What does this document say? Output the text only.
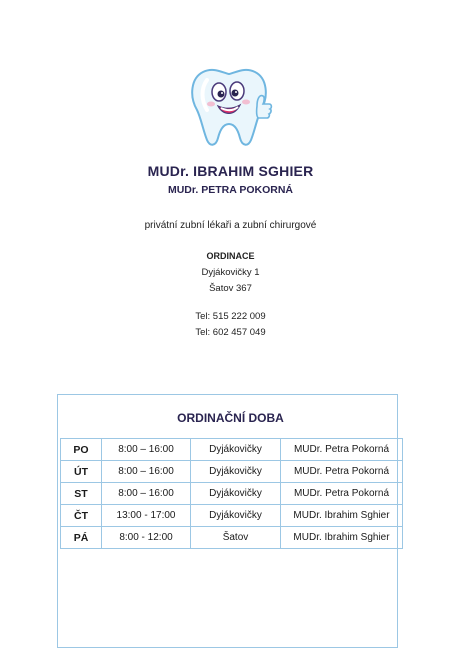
MUDr. IBRAHIM SGHIER
MUDr. PETRA POKORNÁ
privátní zubní lékaři a zubní chirurgové
ORDINACE
Dyjákovičky 1
Šatov 367
Tel: 515 222 009
Tel: 602 457 049
ORDINAČNÍ DOBA
PO	8:00 – 16:00	Dyjákovičky	MUDr. Petra Pokorná
ÚT	8:00 – 16:00	Dyjákovičky	MUDr. Petra Pokorná
ST	8:00 – 16:00	Dyjákovičky	MUDr. Petra Pokorná
ČT	13:00 - 17:00	Dyjákovičky	MUDr. Ibrahim Sghier
PÁ	8:00 - 12:00	Šatov	MUDr. Ibrahim Sghier
